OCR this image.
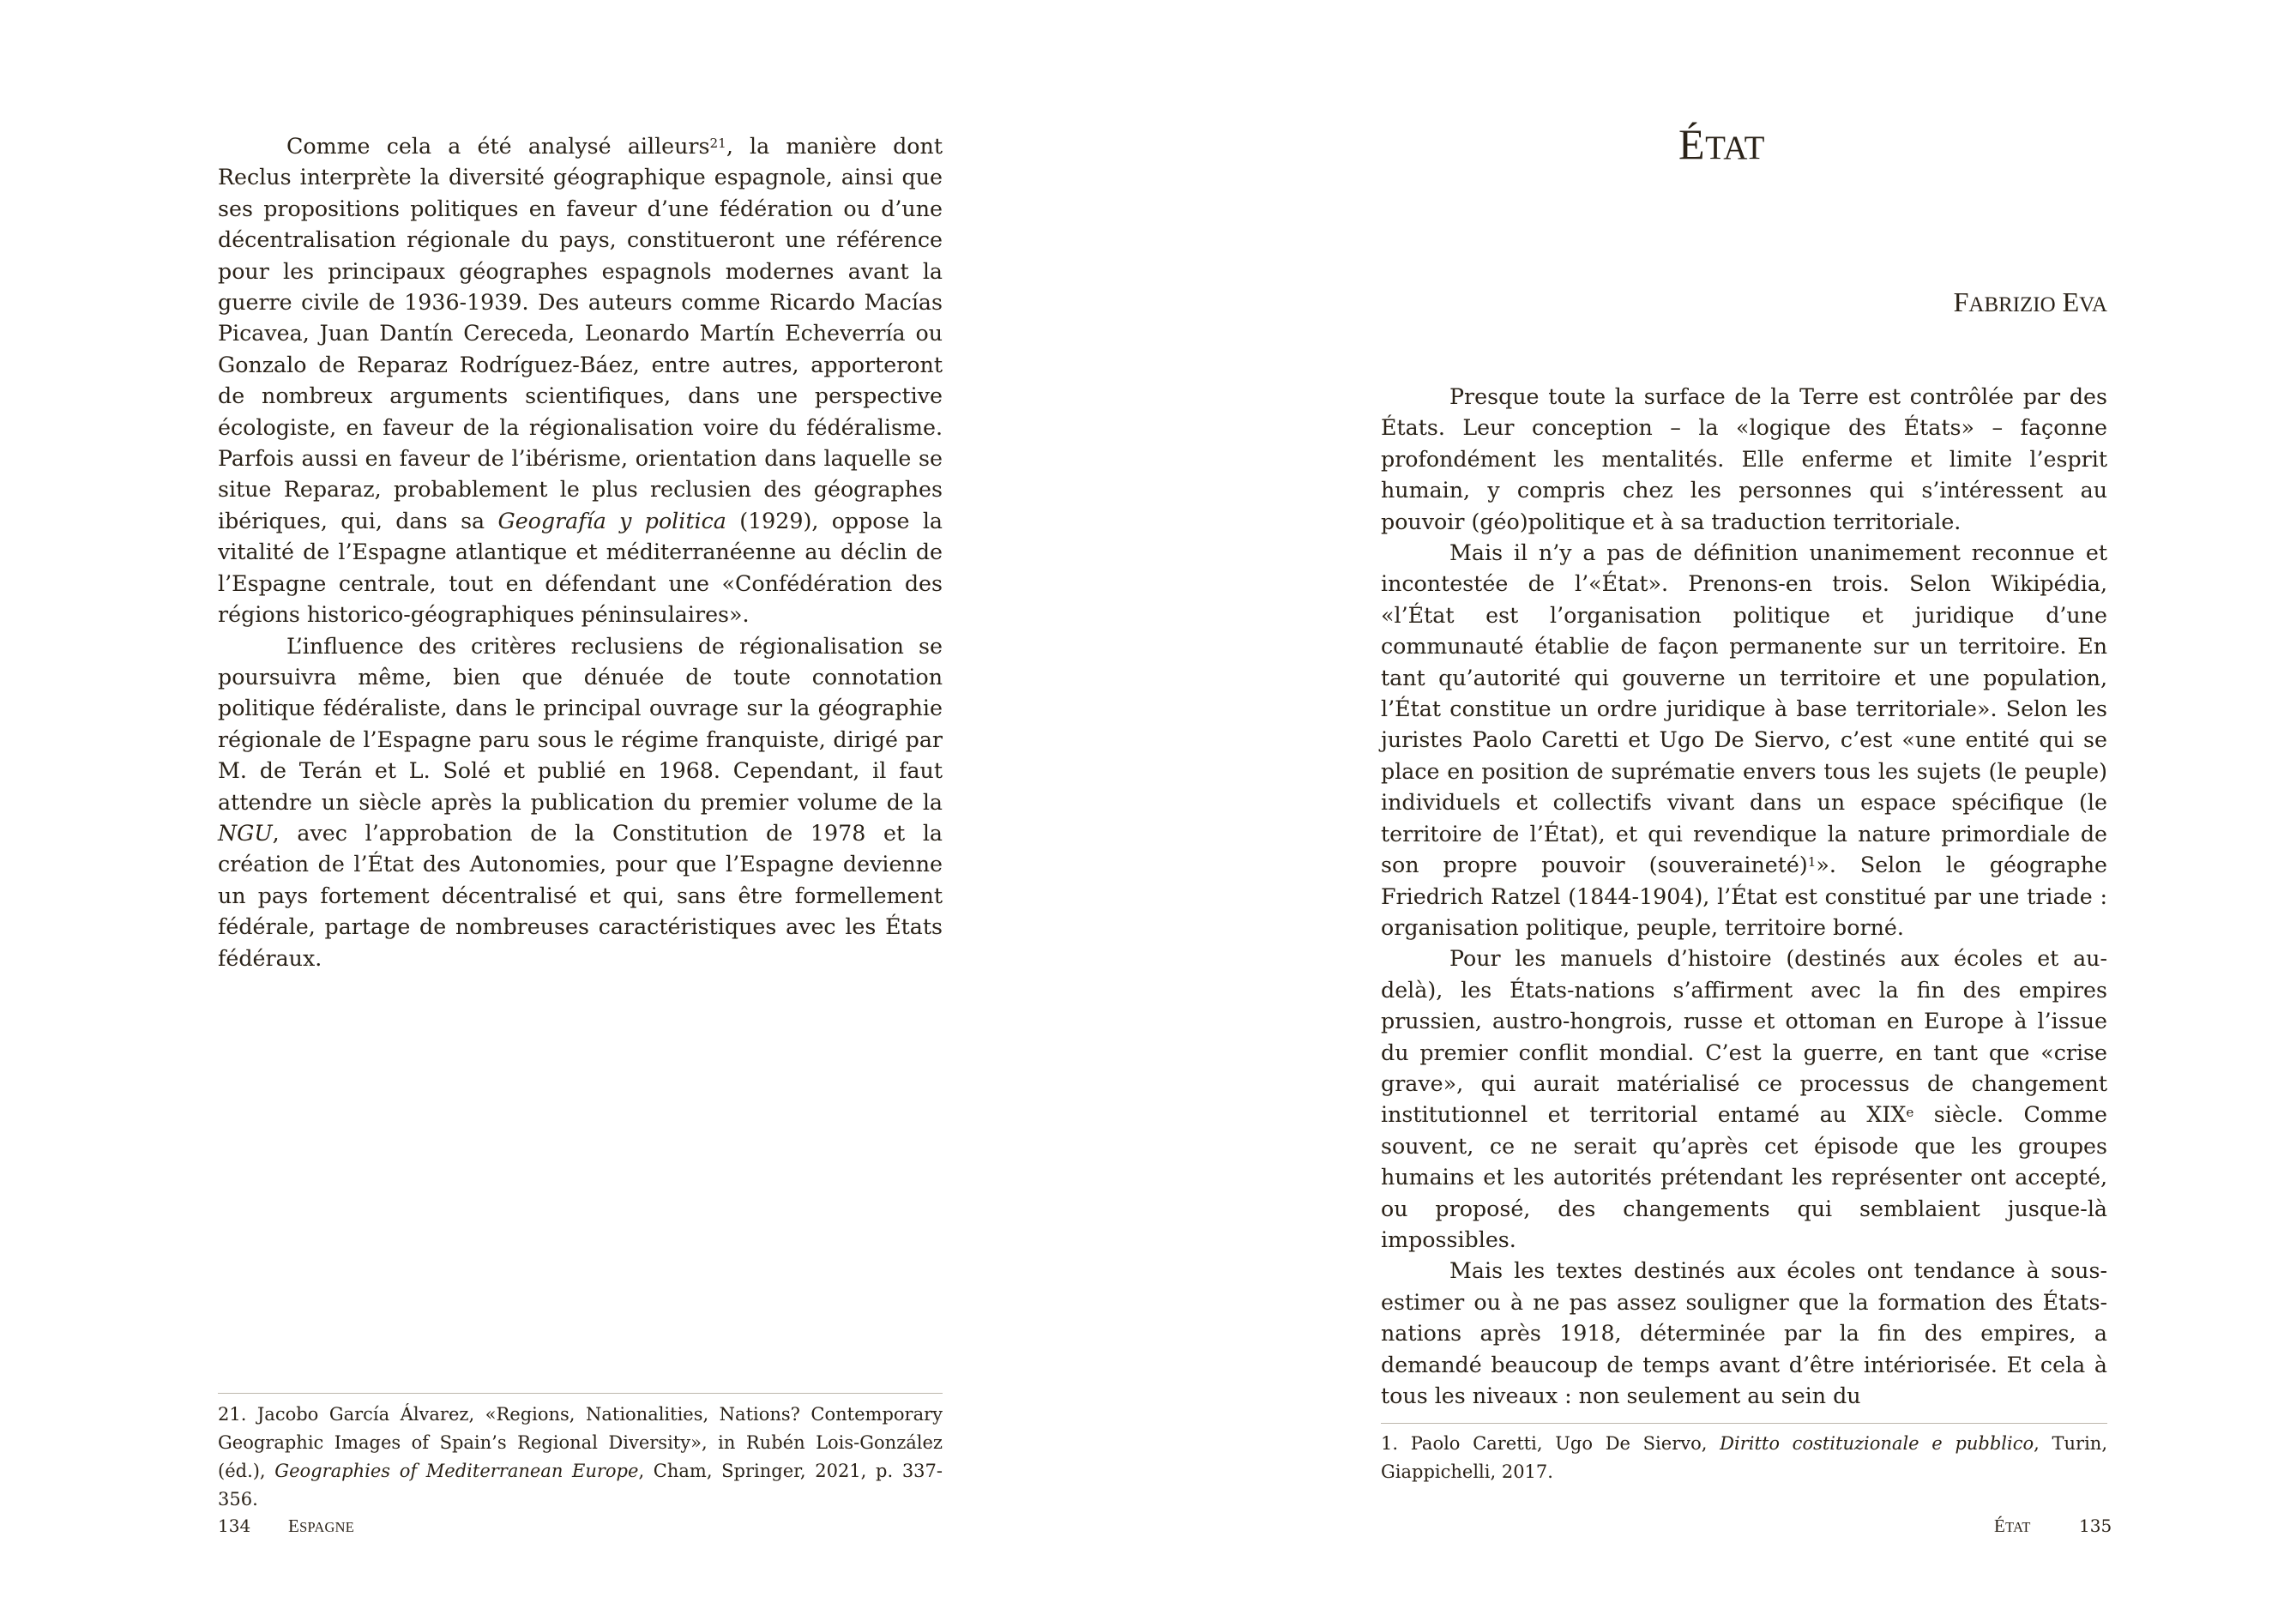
Comme cela a été analysé ailleurs$^{21}$, la manière dont Reclus interprète la diversité géographique espagnole, ainsi que ses propositions politiques en faveur d’une fédération ou d’une décentralisation régionale du pays, constitueront une référence pour les principaux géographes espagnols modernes avant la guerre civile de 1936-1939. Des auteurs comme Ricardo Macías Picavea, Juan Dantín Cereceda, Leonardo Martín Echeverría ou Gonzalo de Reparaz Rodríguez-Báez, entre autres, apporteront de nombreux arguments scientifiques, dans une perspective écologiste, en faveur de la régionalisation voire du fédéralisme. Parfois aussi en faveur de l’ibérisme, orientation dans laquelle se situe Reparaz, probablement le plus reclusien des géographes ibériques, qui, dans sa Geografía y politica (1929), oppose la vitalité de l’Espagne atlantique et méditerranéenne au déclin de l’Espagne centrale, tout en défendant une «Confédération des régions historico-géographiques péninsulaires».

L’influence des critères reclusiens de régionalisation se poursuivra même, bien que dénuée de toute connotation politique fédéraliste, dans le principal ouvrage sur la géographie régionale de l’Espagne paru sous le régime franquiste, dirigé par M. de Terán et L. Solé et publié en 1968. Cependant, il faut attendre un siècle après la publication du premier volume de la NGU, avec l’approbation de la Constitution de 1978 et la création de l’État des Autonomies, pour que l’Espagne devienne un pays fortement décentralisé et qui, sans être formellement fédérale, partage de nombreuses caractéristiques avec les États fédéraux.

21. Jacobo García Álvarez, «Regions, Nationalities, Nations? Contemporary Geographic Images of Spain’s Regional Diversity», in Rubén Lois-González (éd.), Geographies of Mediterranean Europe, Cham, Springer, 2021, p. 337-356.
134 ESPAGNE
ÉTAT
FABRIZIO EVA

Presque toute la surface de la Terre est contrôlée par des États. Leur conception – la «logique des États» – façonne profondément les mentalités. Elle enferme et limite l’esprit humain, y compris chez les personnes qui s’intéressent au pouvoir (géo)politique et à sa traduction territoriale.

Mais il n’y a pas de définition unanimement reconnue et incontestée de l’«État». Prenons-en trois. Selon Wikipédia, «l’État est l’organisation politique et juridique d’une communauté établie de façon permanente sur un territoire. En tant qu’autorité qui gouverne un territoire et une population, l’État constitue un ordre juridique à base territoriale». Selon les juristes Paolo Caretti et Ugo De Siervo, c’est «une entité qui se place en position de suprématie envers tous les sujets (le peuple) individuels et collectifs vivant dans un espace spécifique (le territoire de l’État), et qui revendique la nature primordiale de son propre pouvoir (souveraineté)$^1$». Selon le géographe Friedrich Ratzel (1844-1904), l’État est constitué par une triade : organisation politique, peuple, territoire borné.

Pour les manuels d’histoire (destinés aux écoles et au-delà), les États-nations s’affirment avec la fin des empires prussien, austro-hongrois, russe et ottoman en Europe à l’issue du premier conflit mondial. C’est la guerre, en tant que «crise grave», qui aurait matérialisé ce processus de changement institutionnel et territorial entamé au XIXe siècle. Comme souvent, ce ne serait qu’après cet épisode que les groupes humains et les autorités prétendant les représenter ont accepté, ou proposé, des changements qui semblaient jusque-là impossibles.

Mais les textes destinés aux écoles ont tendance à sous-estimer ou à ne pas assez souligner que la formation des États-nations après 1918, déterminée par la fin des empires, a demandé beaucoup de temps avant d’être intériorisée. Et cela à tous les niveaux : non seulement au sein du

1. Paolo Caretti, Ugo De Siervo, Diritto costituzionale e pubblico, Turin, Giappichelli, 2017.
ÉTAT	135
